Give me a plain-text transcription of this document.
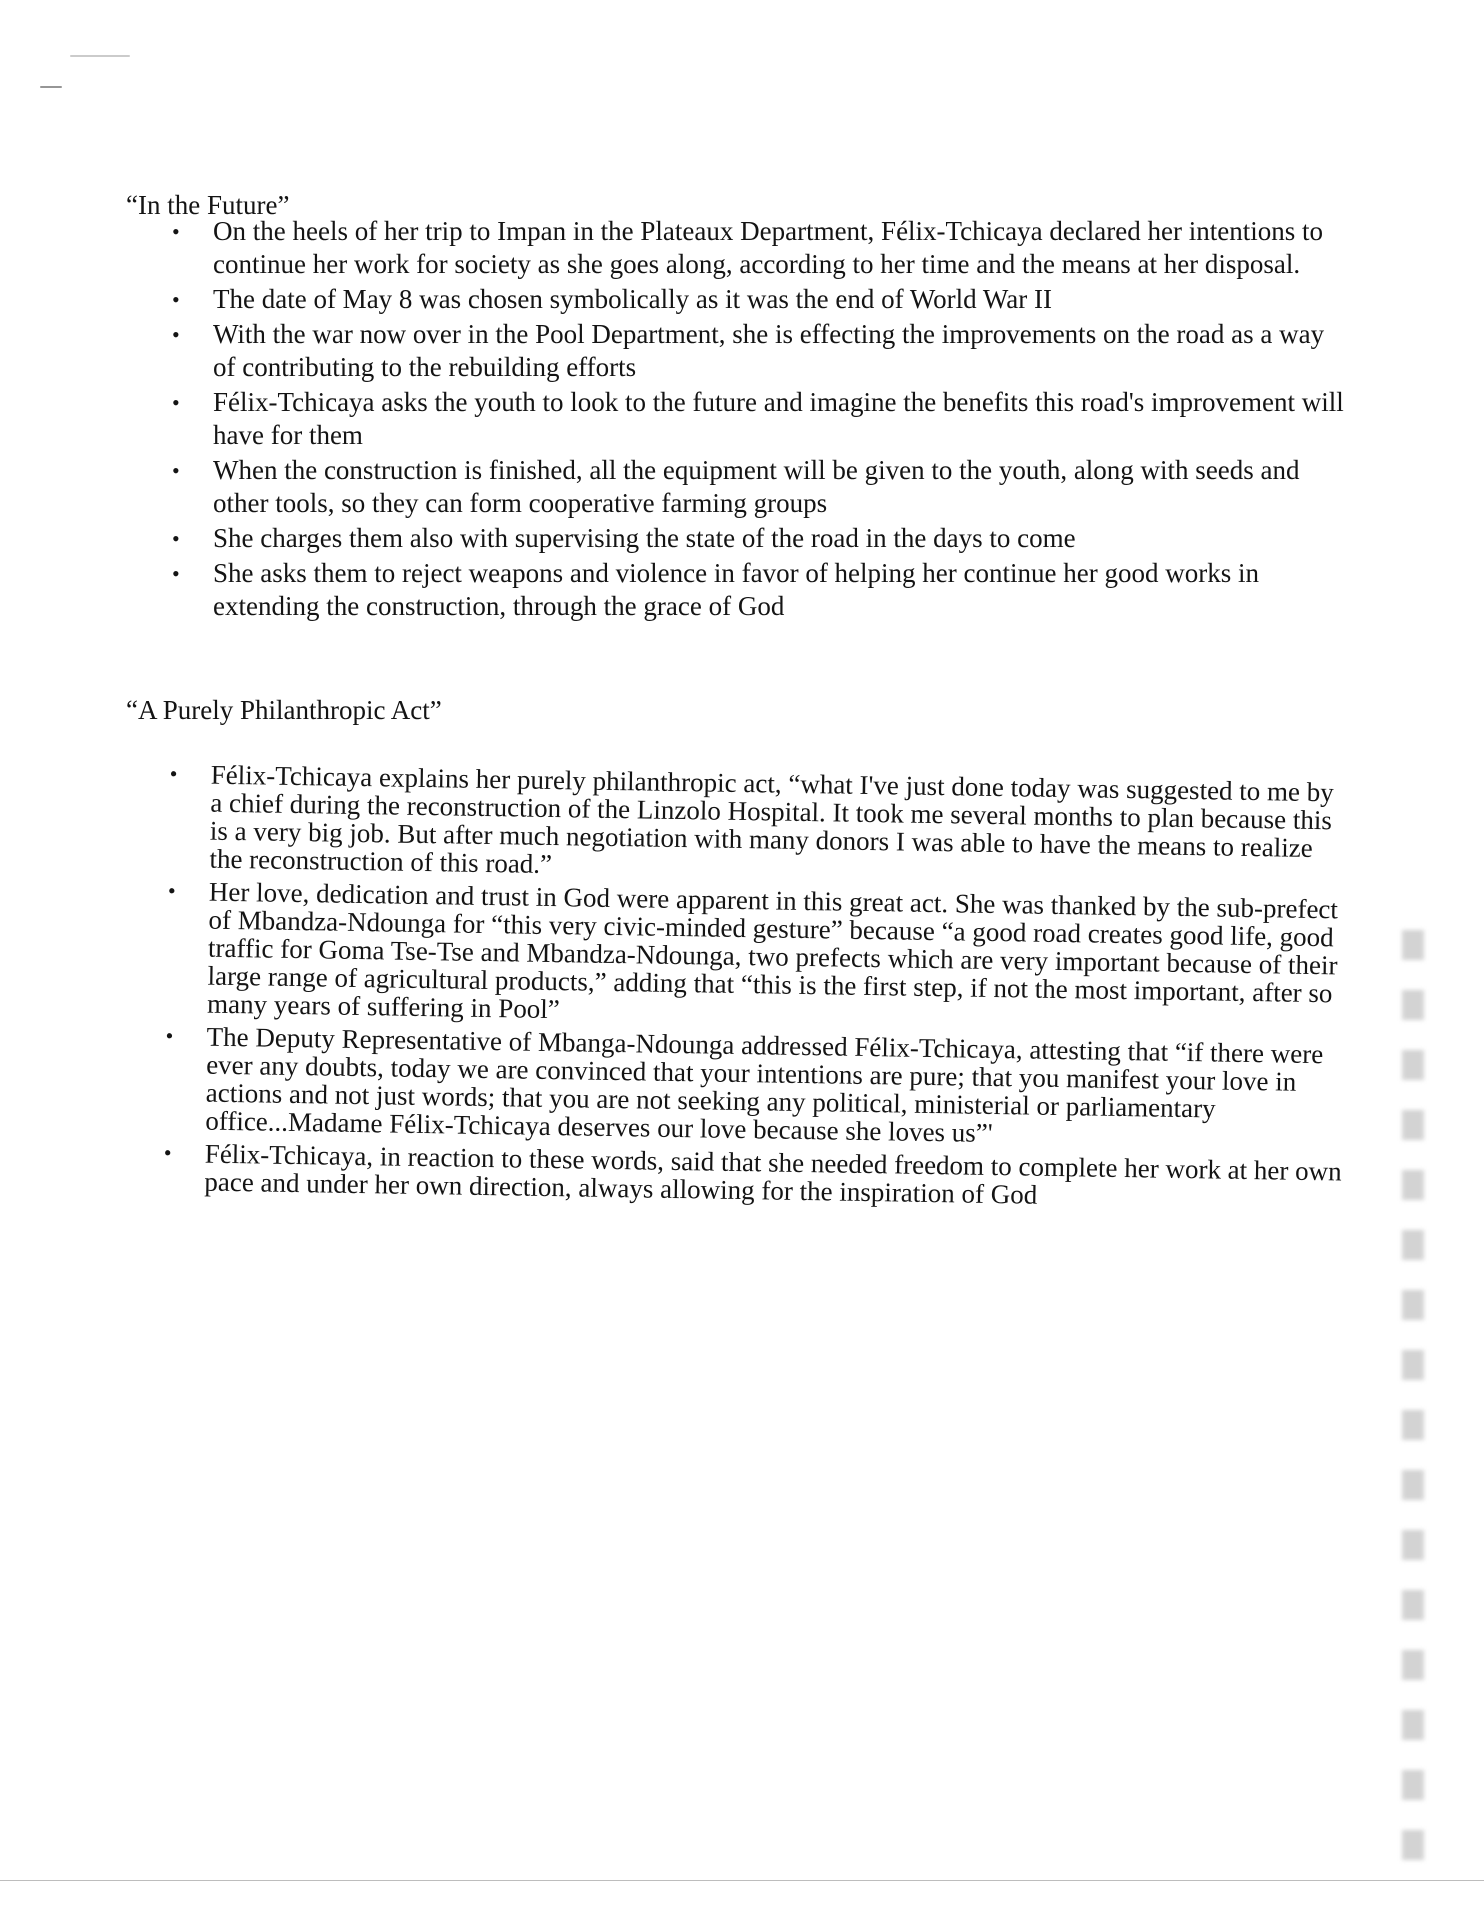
“In the Future”
• On the heels of her trip to Impan in the Plateaux Department, Félix-Tchicaya declared her intentions to continue her work for society as she goes along, according to her time and the means at her disposal.
• The date of May 8 was chosen symbolically as it was the end of World War II
• With the war now over in the Pool Department, she is effecting the improvements on the road as a way of contributing to the rebuilding efforts
• Félix-Tchicaya asks the youth to look to the future and imagine the benefits this road's improvement will have for them
• When the construction is finished, all the equipment will be given to the youth, along with seeds and other tools, so they can form cooperative farming groups
• She charges them also with supervising the state of the road in the days to come
• She asks them to reject weapons and violence in favor of helping her continue her good works in extending the construction, through the grace of God
“A Purely Philanthropic Act”
• Félix-Tchicaya explains her purely philanthropic act, “what I've just done today was suggested to me by a chief during the reconstruction of the Linzolo Hospital. It took me several months to plan because this is a very big job. But after much negotiation with many donors I was able to have the means to realize the reconstruction of this road.”
• Her love, dedication and trust in God were apparent in this great act. She was thanked by the sub-prefect of Mbandza-Ndounga for “this very civic-minded gesture” because “a good road creates good life, good traffic for Goma Tse-Tse and Mbandza-Ndounga, two prefects which are very important because of their large range of agricultural products,” adding that “this is the first step, if not the most important, after so many years of suffering in Pool”
• The Deputy Representative of Mbanga-Ndounga addressed Félix-Tchicaya, attesting that “if there were ever any doubts, today we are convinced that your intentions are pure; that you manifest your love in actions and not just words; that you are not seeking any political, ministerial or parliamentary office...Madame Félix-Tchicaya deserves our love because she loves us”'
• Félix-Tchicaya, in reaction to these words, said that she needed freedom to complete her work at her own pace and under her own direction, always allowing for the inspiration of God
